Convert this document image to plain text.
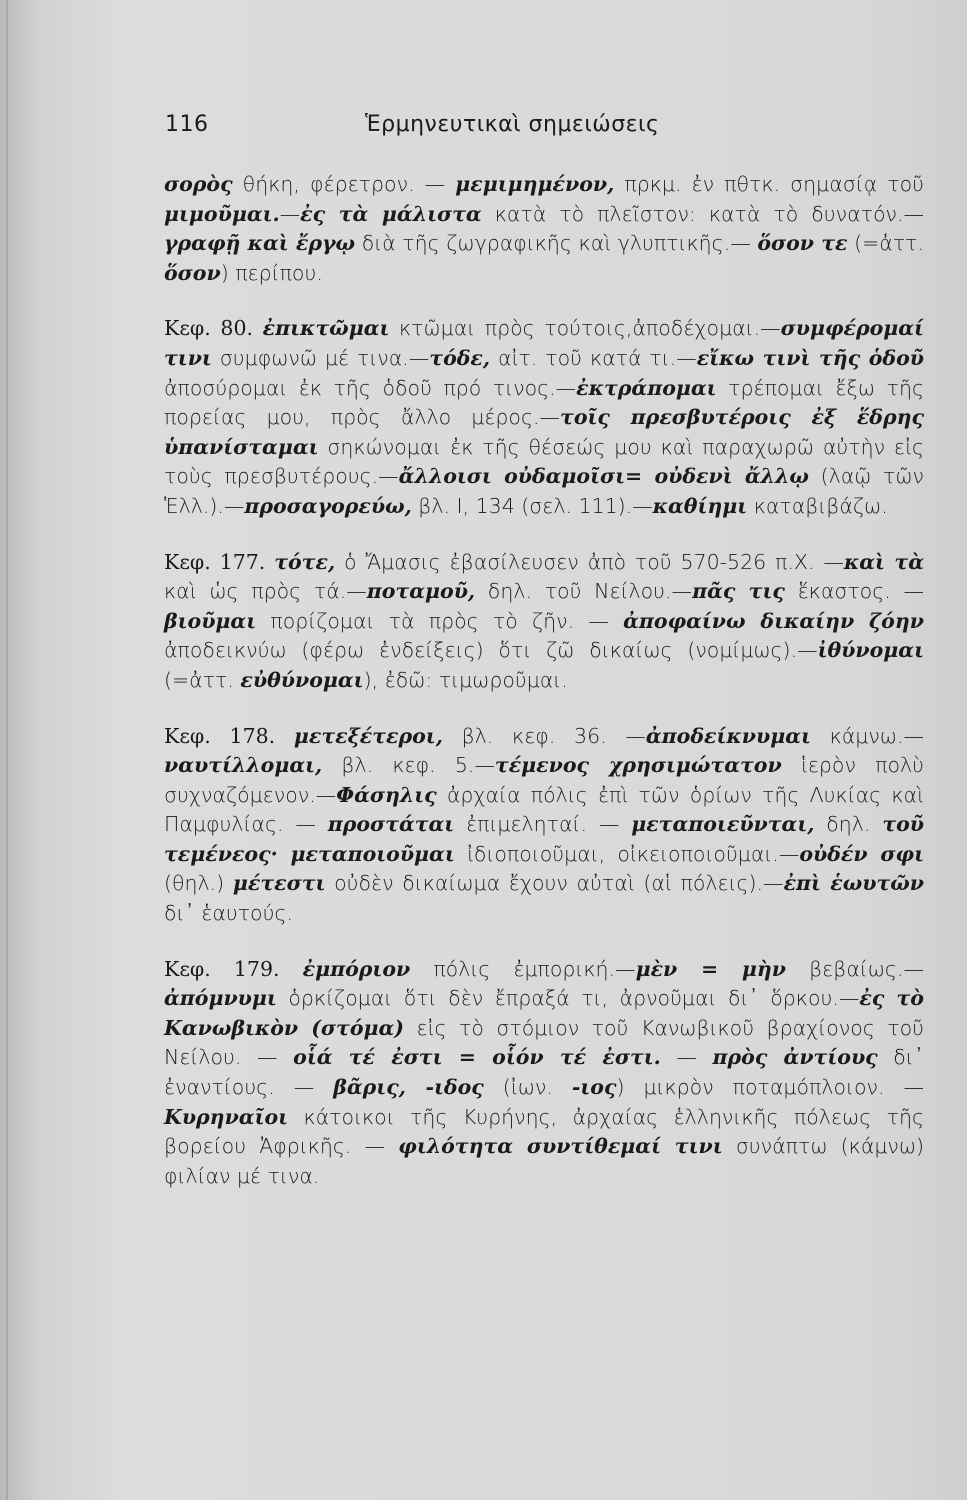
116	Ἑρμηνευτικαὶ σημειώσεις

σορὸς θήκη, φέρετρον. — μεμιμημένον, πρκμ. ἐν πθτκ. σημασίᾳ τοῦ μιμοῦμαι.—ἐς τὰ μάλιστα κατὰ τὸ πλεῖστον: κατὰ τὸ δυνατόν.—γραφῇ καὶ ἔργῳ διὰ τῆς ζωγραφικῆς καὶ γλυπτικῆς.— ὅσον τε (=ἀττ. ὅσον) περίπου.

Κεφ. 80. ἐπικτῶμαι κτῶμαι πρὸς τούτοις,ἀποδέχομαι.—συμφέρομαί τινι συμφωνῶ μέ τινα.—τόδε, αἰτ. τοῦ κατά τι.—εἴκω τινὶ τῆς ὁδοῦ ἀποσύρομαι ἐκ τῆς ὁδοῦ πρό τινος.—ἐκτράπομαι τρέπομαι ἔξω τῆς πορείας μου, πρὸς ἄλλο μέρος.—τοῖς πρεσβυτέροις ἐξ ἕδρης ὑπανίσταμαι σηκώνομαι ἐκ τῆς θέσεώς μου καὶ παραχωρῶ αὐτὴν εἰς τοὺς πρεσβυτέρους.—ἄλλοισι οὐδαμοῖσι= οὐδενὶ ἄλλῳ (λαῷ τῶν Ἑλλ.).—προσαγορεύω, βλ. Ι, 134 (σελ. 111).—καθίημι καταβιβάζω.

Κεφ. 177. τότε, ὁ Ἄμασις ἐβασίλευσεν ἀπὸ τοῦ 570-526 π.Χ. —καὶ τὰ καὶ ὡς πρὸς τά.—ποταμοῦ, δηλ. τοῦ Νείλου.—πᾶς τις ἕκαστος. — βιοῦμαι πορίζομαι τὰ πρὸς τὸ ζῆν. — ἀποφαίνω δικαίην ζόην ἀποδεικνύω (φέρω ἐνδείξεις) ὅτι ζῶ δικαίως (νομίμως).—ἰθύνομαι (=ἀττ. εὐθύνομαι), ἐδῶ: τιμωροῦμαι.

Κεφ. 178. μετεξέτεροι, βλ. κεφ. 36. —ἀποδείκνυμαι κάμνω.— ναυτίλλομαι, βλ. κεφ. 5.—τέμενος χρησιμώτατον ἱερὸν πολὺ συχναζόμενον.—Φάσηλις ἀρχαία πόλις ἐπὶ τῶν ὁρίων τῆς Λυκίας καὶ Παμφυλίας. — προστάται ἐπιμεληταί. — μεταποιεῦνται, δηλ. τοῦ τεμένεος· μεταποιοῦμαι ἰδιοποιοῦμαι, οἰκειοποιοῦμαι.—οὐδέν σφι (θηλ.) μέτεστι οὐδὲν δικαίωμα ἔχουν αὐταὶ (αἱ πόλεις).—ἐπὶ ἑωυτῶν δι᾽ ἑαυτούς.

Κεφ. 179. ἐμπόριον πόλις ἐμπορική.—μὲν = μὴν βεβαίως.— ἀπόμνυμι ὁρκίζομαι ὅτι δὲν ἔπραξά τι, ἀρνοῦμαι δι᾽ ὅρκου.—ἐς τὸ Κανωβικὸν (στόμα) εἰς τὸ στόμιον τοῦ Κανωβικοῦ βραχίονος τοῦ Νείλου. — οἷά τέ ἐστι = οἷόν τέ ἐστι. — πρὸς ἀντίους δι᾽ ἐναντίους. — βᾶρις, -ιδος (ἰων. -ιος) μικρὸν ποταμόπλοιον. — Κυρηναῖοι κάτοικοι τῆς Κυρήνης, ἀρχαίας ἑλληνικῆς πόλεως τῆς βορείου Ἀφρικῆς. — φιλότητα συντίθεμαί τινι συνάπτω (κάμνω) φιλίαν μέ τινα.
